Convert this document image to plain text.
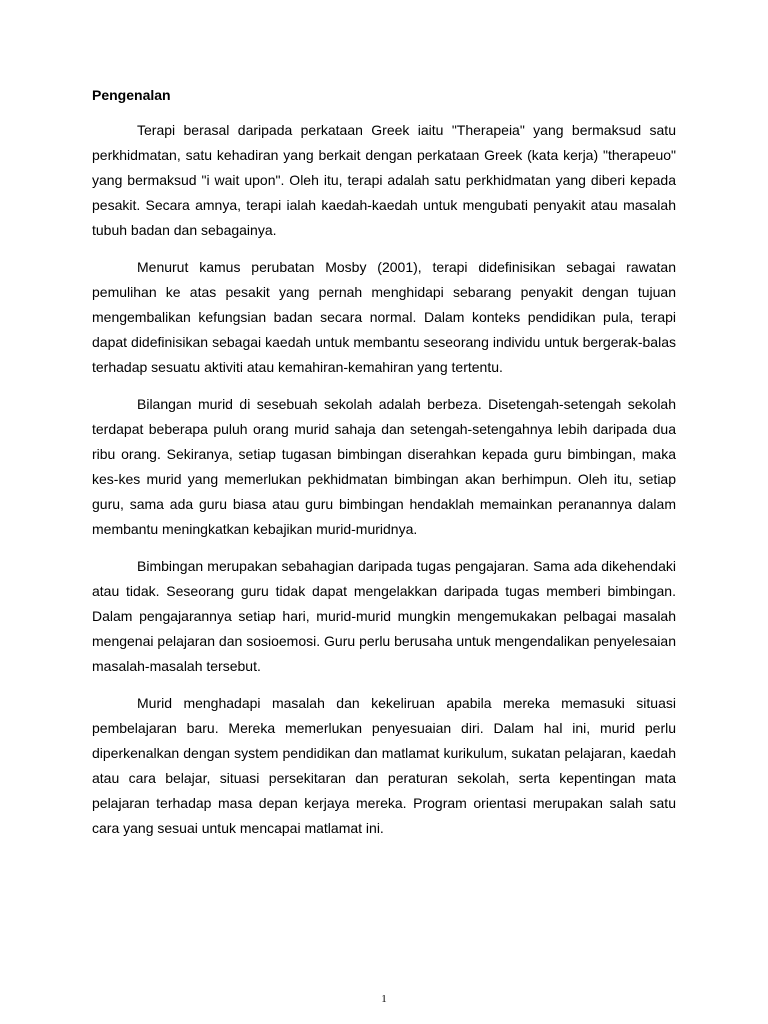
Pengenalan

Terapi berasal daripada perkataan Greek iaitu "Therapeia" yang bermaksud satu perkhidmatan, satu kehadiran yang berkait dengan perkataan Greek (kata kerja) "therapeuo" yang bermaksud "i wait upon". Oleh itu, terapi adalah satu perkhidmatan yang diberi kepada pesakit. Secara amnya, terapi ialah kaedah-kaedah untuk mengubati penyakit atau masalah tubuh badan dan sebagainya.

Menurut kamus perubatan Mosby (2001), terapi didefinisikan sebagai rawatan pemulihan ke atas pesakit yang pernah menghidapi sebarang penyakit dengan tujuan mengembalikan kefungsian badan secara normal. Dalam konteks pendidikan pula, terapi dapat didefinisikan sebagai kaedah untuk membantu seseorang individu untuk bergerak-balas terhadap sesuatu aktiviti atau kemahiran-kemahiran yang tertentu.

Bilangan murid di sesebuah sekolah adalah berbeza. Disetengah-setengah sekolah terdapat beberapa puluh orang murid sahaja dan setengah-setengahnya lebih daripada dua ribu orang. Sekiranya, setiap tugasan bimbingan diserahkan kepada guru bimbingan, maka kes-kes murid yang memerlukan pekhidmatan bimbingan akan berhimpun. Oleh itu, setiap guru, sama ada guru biasa atau guru bimbingan hendaklah memainkan peranannya dalam membantu meningkatkan kebajikan murid-muridnya.

Bimbingan merupakan sebahagian daripada tugas pengajaran. Sama ada dikehendaki atau tidak. Seseorang guru tidak dapat mengelakkan daripada tugas memberi bimbingan. Dalam pengajarannya setiap hari, murid-murid mungkin mengemukakan pelbagai masalah mengenai pelajaran dan sosioemosi. Guru perlu berusaha untuk mengendalikan penyelesaian masalah-masalah tersebut.

Murid menghadapi masalah dan kekeliruan apabila mereka memasuki situasi pembelajaran baru. Mereka memerlukan penyesuaian diri. Dalam hal ini, murid perlu diperkenalkan dengan system pendidikan dan matlamat kurikulum, sukatan pelajaran, kaedah atau cara belajar, situasi persekitaran dan peraturan sekolah, serta kepentingan mata pelajaran terhadap masa depan kerjaya mereka. Program orientasi merupakan salah satu cara yang sesuai untuk mencapai matlamat ini.

1
